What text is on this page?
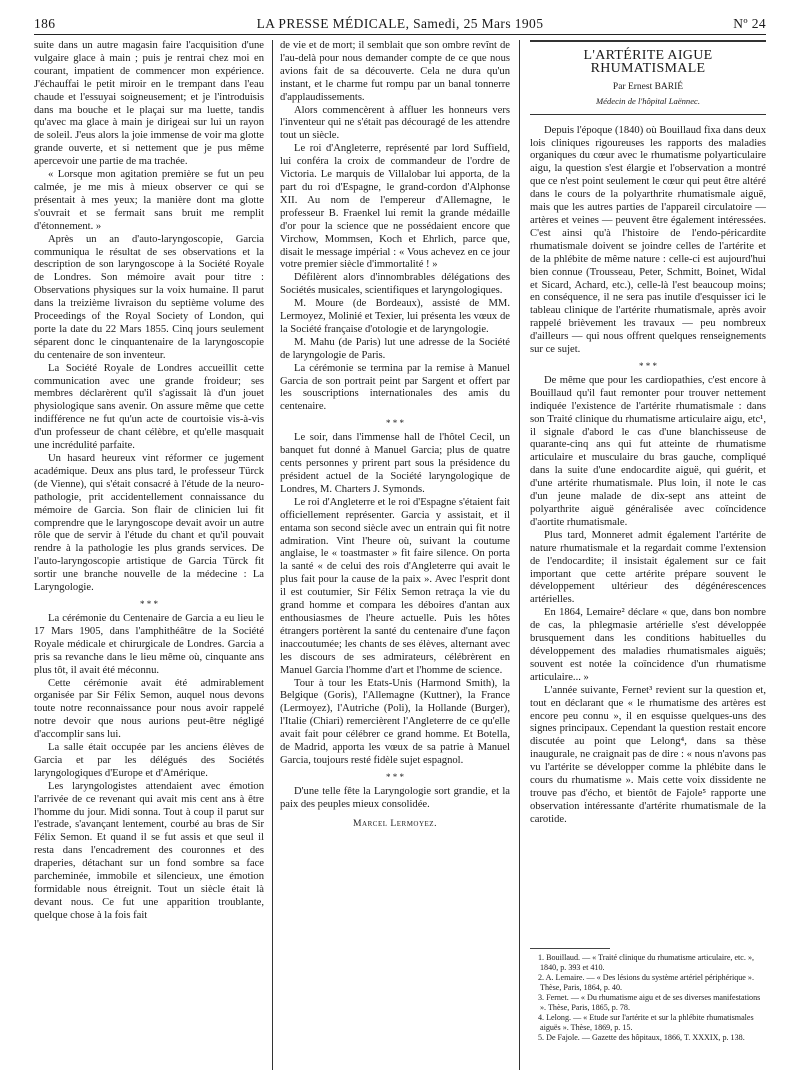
186	LA PRESSE MÉDICALE, Samedi, 25 Mars 1905	Nº 24

suite dans un autre magasin faire l'acquisition d'une vulgaire glace à main ; puis je rentrai chez moi en courant, impatient de commencer mon expérience. J'échauffai le petit miroir en le trempant dans l'eau chaude et l'essuyai soigneusement; et je l'introduisis dans ma bouche et le plaçai sur ma luette, tandis qu'avec ma glace à main je dirigeai sur lui un rayon de soleil. J'eus alors la joie immense de voir ma glotte grande ouverte, et si nettement que je pus même apercevoir une partie de ma trachée.

« Lorsque mon agitation première se fut un peu calmée, je me mis à mieux observer ce qui se présentait à mes yeux; la manière dont ma glotte s'ouvrait et se fermait sans bruit me remplit d'étonnement. »

Après un an d'auto-laryngoscopie, Garcia communiqua le résultat de ses observations et la description de son laryngoscope à la Société Royale de Londres. Son mémoire avait pour titre : Observations physiques sur la voix humaine. Il parut dans la treizième livraison du septième volume des Proceedings of the Royal Society of London, qui porte la date du 22 Mars 1855. Cinq jours seulement séparent donc le cinquantenaire de la laryngoscopie du centenaire de son inventeur.

La Société Royale de Londres accueillit cette communication avec une grande froideur; ses membres déclarèrent qu'il s'agissait là d'un jouet physiologique sans avenir. On assure même que cette indifférence ne fut qu'un acte de courtoisie vis-à-vis d'un professeur de chant célèbre, et qu'elle masquait une incrédulité parfaite.

Un hasard heureux vint réformer ce jugement académique. Deux ans plus tard, le professeur Türck (de Vienne), qui s'était consacré à l'étude de la neuro-pathologie, prit accidentellement connaissance du mémoire de Garcia. Son flair de clinicien lui fit comprendre que le laryngoscope devait avoir un autre rôle que de servir à l'étude du chant et qu'il pouvait rendre à la pathologie les plus grands services. De l'auto-laryngoscopie artistique de Garcia Türck fit sortir une branche nouvelle de la médecine : La Laryngologie.

* * *

La cérémonie du Centenaire de Garcia a eu lieu le 17 Mars 1905, dans l'amphithéâtre de la Société Royale médicale et chirurgicale de Londres. Garcia a pris sa revanche dans le lieu même où, cinquante ans plus tôt, il avait été méconnu.

Cette cérémonie avait été admirablement organisée par Sir Félix Semon, auquel nous devons toute notre reconnaissance pour nous avoir rappelé notre devoir que nous aurions peut-être négligé d'accomplir sans lui.

La salle était occupée par les anciens élèves de Garcia et par les délégués des Sociétés laryngologiques d'Europe et d'Amérique.

Les laryngologistes attendaient avec émotion l'arrivée de ce revenant qui avait mis cent ans à être l'homme du jour. Midi sonna. Tout à coup il parut sur l'estrade, s'avançant lentement, courbé au bras de Sir Félix Semon. Et quand il se fut assis et que seul il resta dans l'encadrement des couronnes et des draperies, détachant sur un fond sombre sa face parcheminée, immobile et silencieux, une émotion formidable nous étreignit. Tout un siècle était là devant nous. Ce fut une apparition troublante, quelque chose à la fois fait

de vie et de mort; il semblait que son ombre revînt de l'au-delà pour nous demander compte de ce que nous avions fait de sa découverte. Cela ne dura qu'un instant, et le charme fut rompu par un banal tonnerre d'applaudissements.

Alors commencèrent à affluer les honneurs vers l'inventeur qui ne s'était pas découragé de les attendre tout un siècle.

Le roi d'Angleterre, représenté par lord Suffield, lui conféra la croix de commandeur de l'ordre de Victoria. Le marquis de Villalobar lui apporta, de la part du roi d'Espagne, le grand-cordon d'Alphonse XII. Au nom de l'empereur d'Allemagne, le professeur B. Fraenkel lui remit la grande médaille d'or pour la science que ne possédaient encore que Virchow, Mommsen, Koch et Ehrlich, parce que, disait le message impérial : « Vous achevez en ce jour votre premier siècle d'immortalité ! »

Défilèrent alors d'innombrables délégations des Sociétés musicales, scientifiques et laryngologiques.

M. Moure (de Bordeaux), assisté de MM. Lermoyez, Molinié et Texier, lui présenta les vœux de la Société française d'otologie et de laryngologie.

M. Mahu (de Paris) lut une adresse de la Société de laryngologie de Paris.

La cérémonie se termina par la remise à Manuel Garcia de son portrait peint par Sargent et offert par les souscriptions internationales des amis du centenaire.

* * *

Le soir, dans l'immense hall de l'hôtel Cecil, un banquet fut donné à Manuel Garcia; plus de quatre cents personnes y prirent part sous la présidence du président actuel de la Société laryngologique de Londres, M. Charters J. Symonds.

Le roi d'Angleterre et le roi d'Espagne s'étaient fait officiellement représenter. Garcia y assistait, et il entama son second siècle avec un entrain qui fit notre admiration. Vint l'heure où, suivant la coutume anglaise, le « toastmaster » fit faire silence. On porta la santé « de celui des rois d'Angleterre qui avait le plus fait pour la cause de la paix ». Avec l'esprit dont il est coutumier, Sir Félix Semon retraça la vie du grand homme et compara les déboires d'antan aux enthousiasmes de l'heure actuelle. Puis les hôtes étrangers portèrent la santé du centenaire d'une façon inaccoutumée; les chants de ses élèves, alternant avec les discours de ses admirateurs, célébrèrent en Manuel Garcia l'homme d'art et l'homme de science.

Tour à tour les Etats-Unis (Harmond Smith), la Belgique (Goris), l'Allemagne (Kuttner), la France (Lermoyez), l'Autriche (Poli), la Hollande (Burger), l'Italie (Chiari) remercièrent l'Angleterre de ce qu'elle avait fait pour célébrer ce grand homme. Et Botella, de Madrid, apporta les vœux de sa patrie à Manuel Garcia, toujours resté fidèle sujet espagnol.

* * *

D'une telle fête la Laryngologie sort grandie, et la paix des peuples mieux consolidée.

Marcel Lermoyez.
L'ARTÉRITE AIGUE RHUMATISMALE
Par Ernest BARIÉ
Médecin de l'hôpital Laënnec.

Depuis l'époque (1840) où Bouillaud fixa dans deux lois cliniques rigoureuses les rapports des maladies organiques du cœur avec le rhumatisme polyarticulaire aigu, la question s'est élargie et l'observation a montré que ce n'est point seulement le cœur qui peut être altéré dans le cours de la polyarthrite rhumatismale aiguë, mais que les autres parties de l'appareil circulatoire — artères et veines — peuvent être également intéressées. C'est ainsi qu'à l'histoire de l'endo-péricardite rhumatismale doivent se joindre celles de l'artérite et de la phlébite de même nature : celle-ci est aujourd'hui bien connue (Trousseau, Peter, Schmitt, Boinet, Widal et Sicard, Achard, etc.), celle-là l'est beaucoup moins; en conséquence, il ne sera pas inutile d'esquisser ici le tableau clinique de l'artérite rhumatismale, après avoir rappelé brièvement les travaux — peu nombreux d'ailleurs — qui nous offrent quelques renseignements sur ce sujet.

* * *

De même que pour les cardiopathies, c'est encore à Bouillaud qu'il faut remonter pour trouver nettement indiquée l'existence de l'artérite rhumatismale : dans son Traité clinique du rhumatisme articulaire aigu, etc¹, il signale d'abord le cas d'une blanchisseuse de quarante-cinq ans qui fut atteinte de rhumatisme articulaire et musculaire du bras gauche, compliqué dans la suite d'une endocardite aiguë, qui guérit, et d'une artérite rhumatismale. Plus loin, il note le cas d'un jeune malade de dix-sept ans atteint de polyarthrite aiguë généralisée avec coïncidence d'aortite rhumatismale.

Plus tard, Monneret admit également l'artérite de nature rhumatismale et la regardait comme l'extension de l'endocardite; il insistait également sur ce fait important que cette artérite prépare souvent le développement ultérieur des dégénérescences artérielles.

En 1864, Lemaire² déclare « que, dans bon nombre de cas, la phlegmasie artérielle s'est développée brusquement dans les conditions habituelles du développement des maladies rhumatismales aiguës; souvent est notée la coïncidence d'un rhumatisme articulaire... »

L'année suivante, Fernet³ revient sur la question et, tout en déclarant que « le rhumatisme des artères est encore peu connu », il en esquisse quelques-uns des signes principaux. Cependant la question restait encore discutée au point que Lelong⁴, dans sa thèse inaugurale, ne craignait pas de dire : « nous n'avons pas vu l'artérite se développer comme la phlébite dans le cours du rhumatisme ». Mais cette voix dissidente ne trouve pas d'écho, et bientôt de Fajole⁵ rapporte une observation intéressante d'artérite rhumatismale de la carotide.

1. Bouillaud. — « Traité clinique du rhumatisme articulaire, etc. », 1840, p. 393 et 410.
2. A. Lemaire. — « Des lésions du système artériel périphérique ». Thèse, Paris, 1864, p. 40.
3. Fernet. — « Du rhumatisme aigu et de ses diverses manifestations ». Thèse, Paris, 1865, p. 78.
4. Lelong. — « Etude sur l'artérite et sur la phlébite rhumatismales aiguës ». Thèse, 1869, p. 15.
5. De Fajole. — Gazette des hôpitaux, 1866, T. XXXIX, p. 138.
